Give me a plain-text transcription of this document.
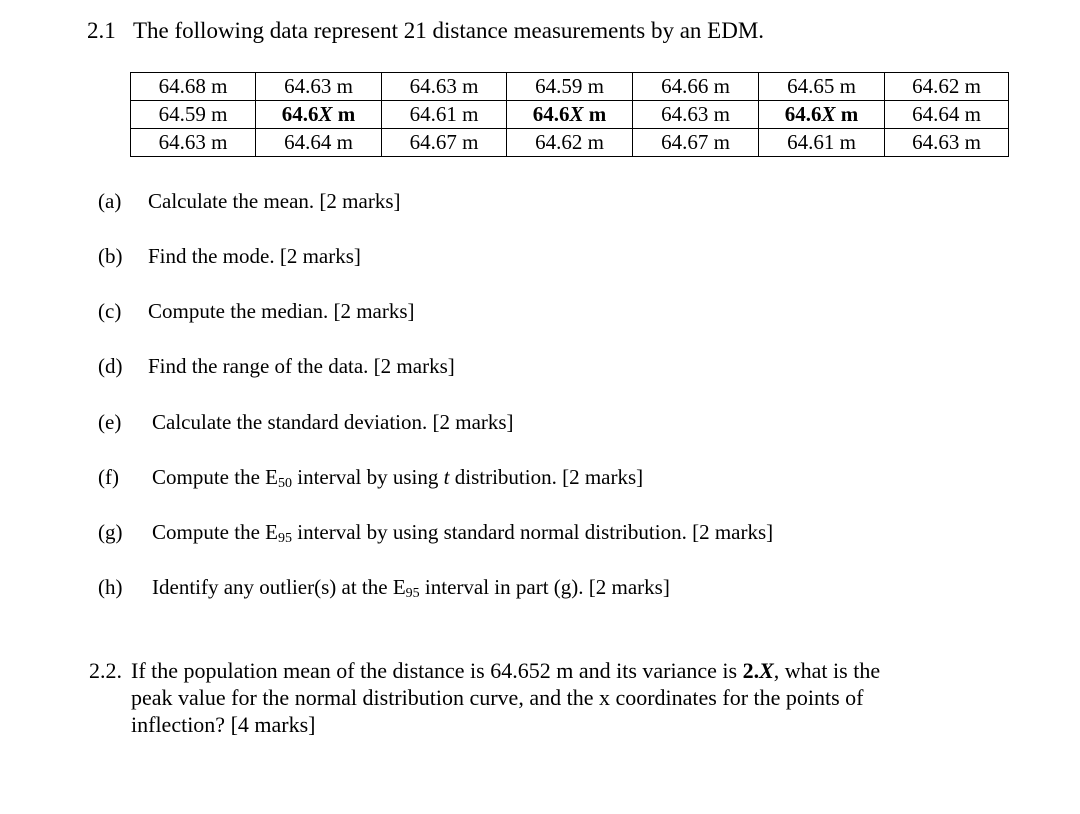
2.1 The following data represent 21 distance measurements by an EDM.
64.68 m	64.63 m	64.63 m	64.59 m	64.66 m	64.65 m	64.62 m
64.59 m	64.6X m	64.61 m	64.6X m	64.63 m	64.6X m	64.64 m
64.63 m	64.64 m	64.67 m	64.62 m	64.67 m	64.61 m	64.63 m
(a) Calculate the mean. [2 marks]
(b) Find the mode. [2 marks]
(c) Compute the median. [2 marks]
(d) Find the range of the data. [2 marks]
(e) Calculate the standard deviation. [2 marks]
(f) Compute the $E_{50}$ interval by using t distribution. [2 marks]
(g) Compute the $E_{95}$ interval by using standard normal distribution. [2 marks]
(h) Identify any outlier(s) at the $E_{95}$ interval in part (g). [2 marks]
2.2. If the population mean of the distance is 64.652 m and its variance is 2.X, what is the
peak value for the normal distribution curve, and the x coordinates for the points of
inflection? [4 marks]
